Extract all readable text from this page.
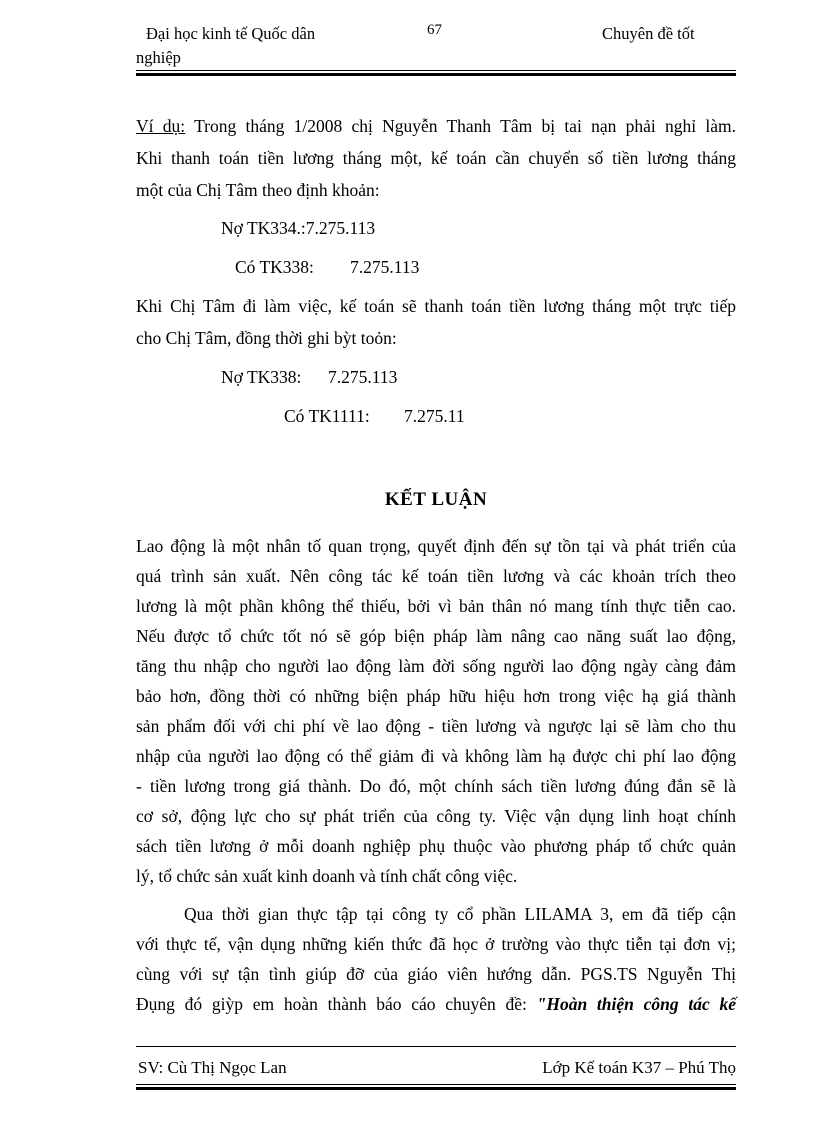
Đại học kinh tế Quốc dân
nghiệp
67	Chuyên đề tốt
Ví dụ: Trong tháng 1/2008 chị Nguyễn Thanh Tâm bị tai nạn phải nghỉ làm.
Khi thanh toán tiền lương tháng một, kế toán cần chuyển số tiền lương tháng
một của Chị Tâm theo định khoản:
Nợ TK334.:7.275.113
Có TK338: 7.275.113
Khi Chị Tâm đi làm việc, kế toán sẽ thanh toán tiền lương tháng một trực tiếp
cho Chị Tâm, đồng thời ghi bỳt toỏn:
Nợ TK338: 7.275.113
Có TK1111: 7.275.11
KẾT LUẬN
Lao động là một nhân tố quan trọng, quyết định đến sự tồn tại và phát triển của
quá trình sản xuất. Nên công tác kế toán tiền lương và các khoản trích theo
lương là một phần không thể thiếu, bởi vì bản thân nó mang tính thực tiễn cao.
Nếu được tổ chức tốt nó sẽ góp biện pháp làm nâng cao năng suất lao động,
tăng thu nhập cho người lao động làm đời sống người lao động ngày càng đảm
bảo hơn, đồng thời có những biện pháp hữu hiệu hơn trong việc hạ giá thành
sản phẩm đối với chi phí về lao động - tiền lương và ngược lại sẽ làm cho thu
nhập của người lao động có thể giảm đi và không làm hạ được chi phí lao động
- tiền lương trong giá thành. Do đó, một chính sách tiền lương đúng đắn sẽ là
cơ sở, động lực cho sự phát triển của công ty. Việc vận dụng linh hoạt chính
sách tiền lương ở mỗi doanh nghiệp phụ thuộc vào phương pháp tổ chức quản
lý, tổ chức sản xuất kinh doanh và tính chất công việc.
Qua thời gian thực tập tại công ty cổ phần LILAMA 3, em đã tiếp cận
với thực tế, vận dụng những kiến thức đã học ở trường vào thực tiễn tại đơn vị;
cùng với sự tận tình giúp đỡ của giáo viên hướng dẫn. PGS.TS Nguyễn Thị
Đụng đó giỳp em hoàn thành báo cáo chuyên đề: "Hoàn thiện công tác kế
SV: Cù Thị Ngọc Lan	Lớp Kế toán K37 – Phú Thọ
